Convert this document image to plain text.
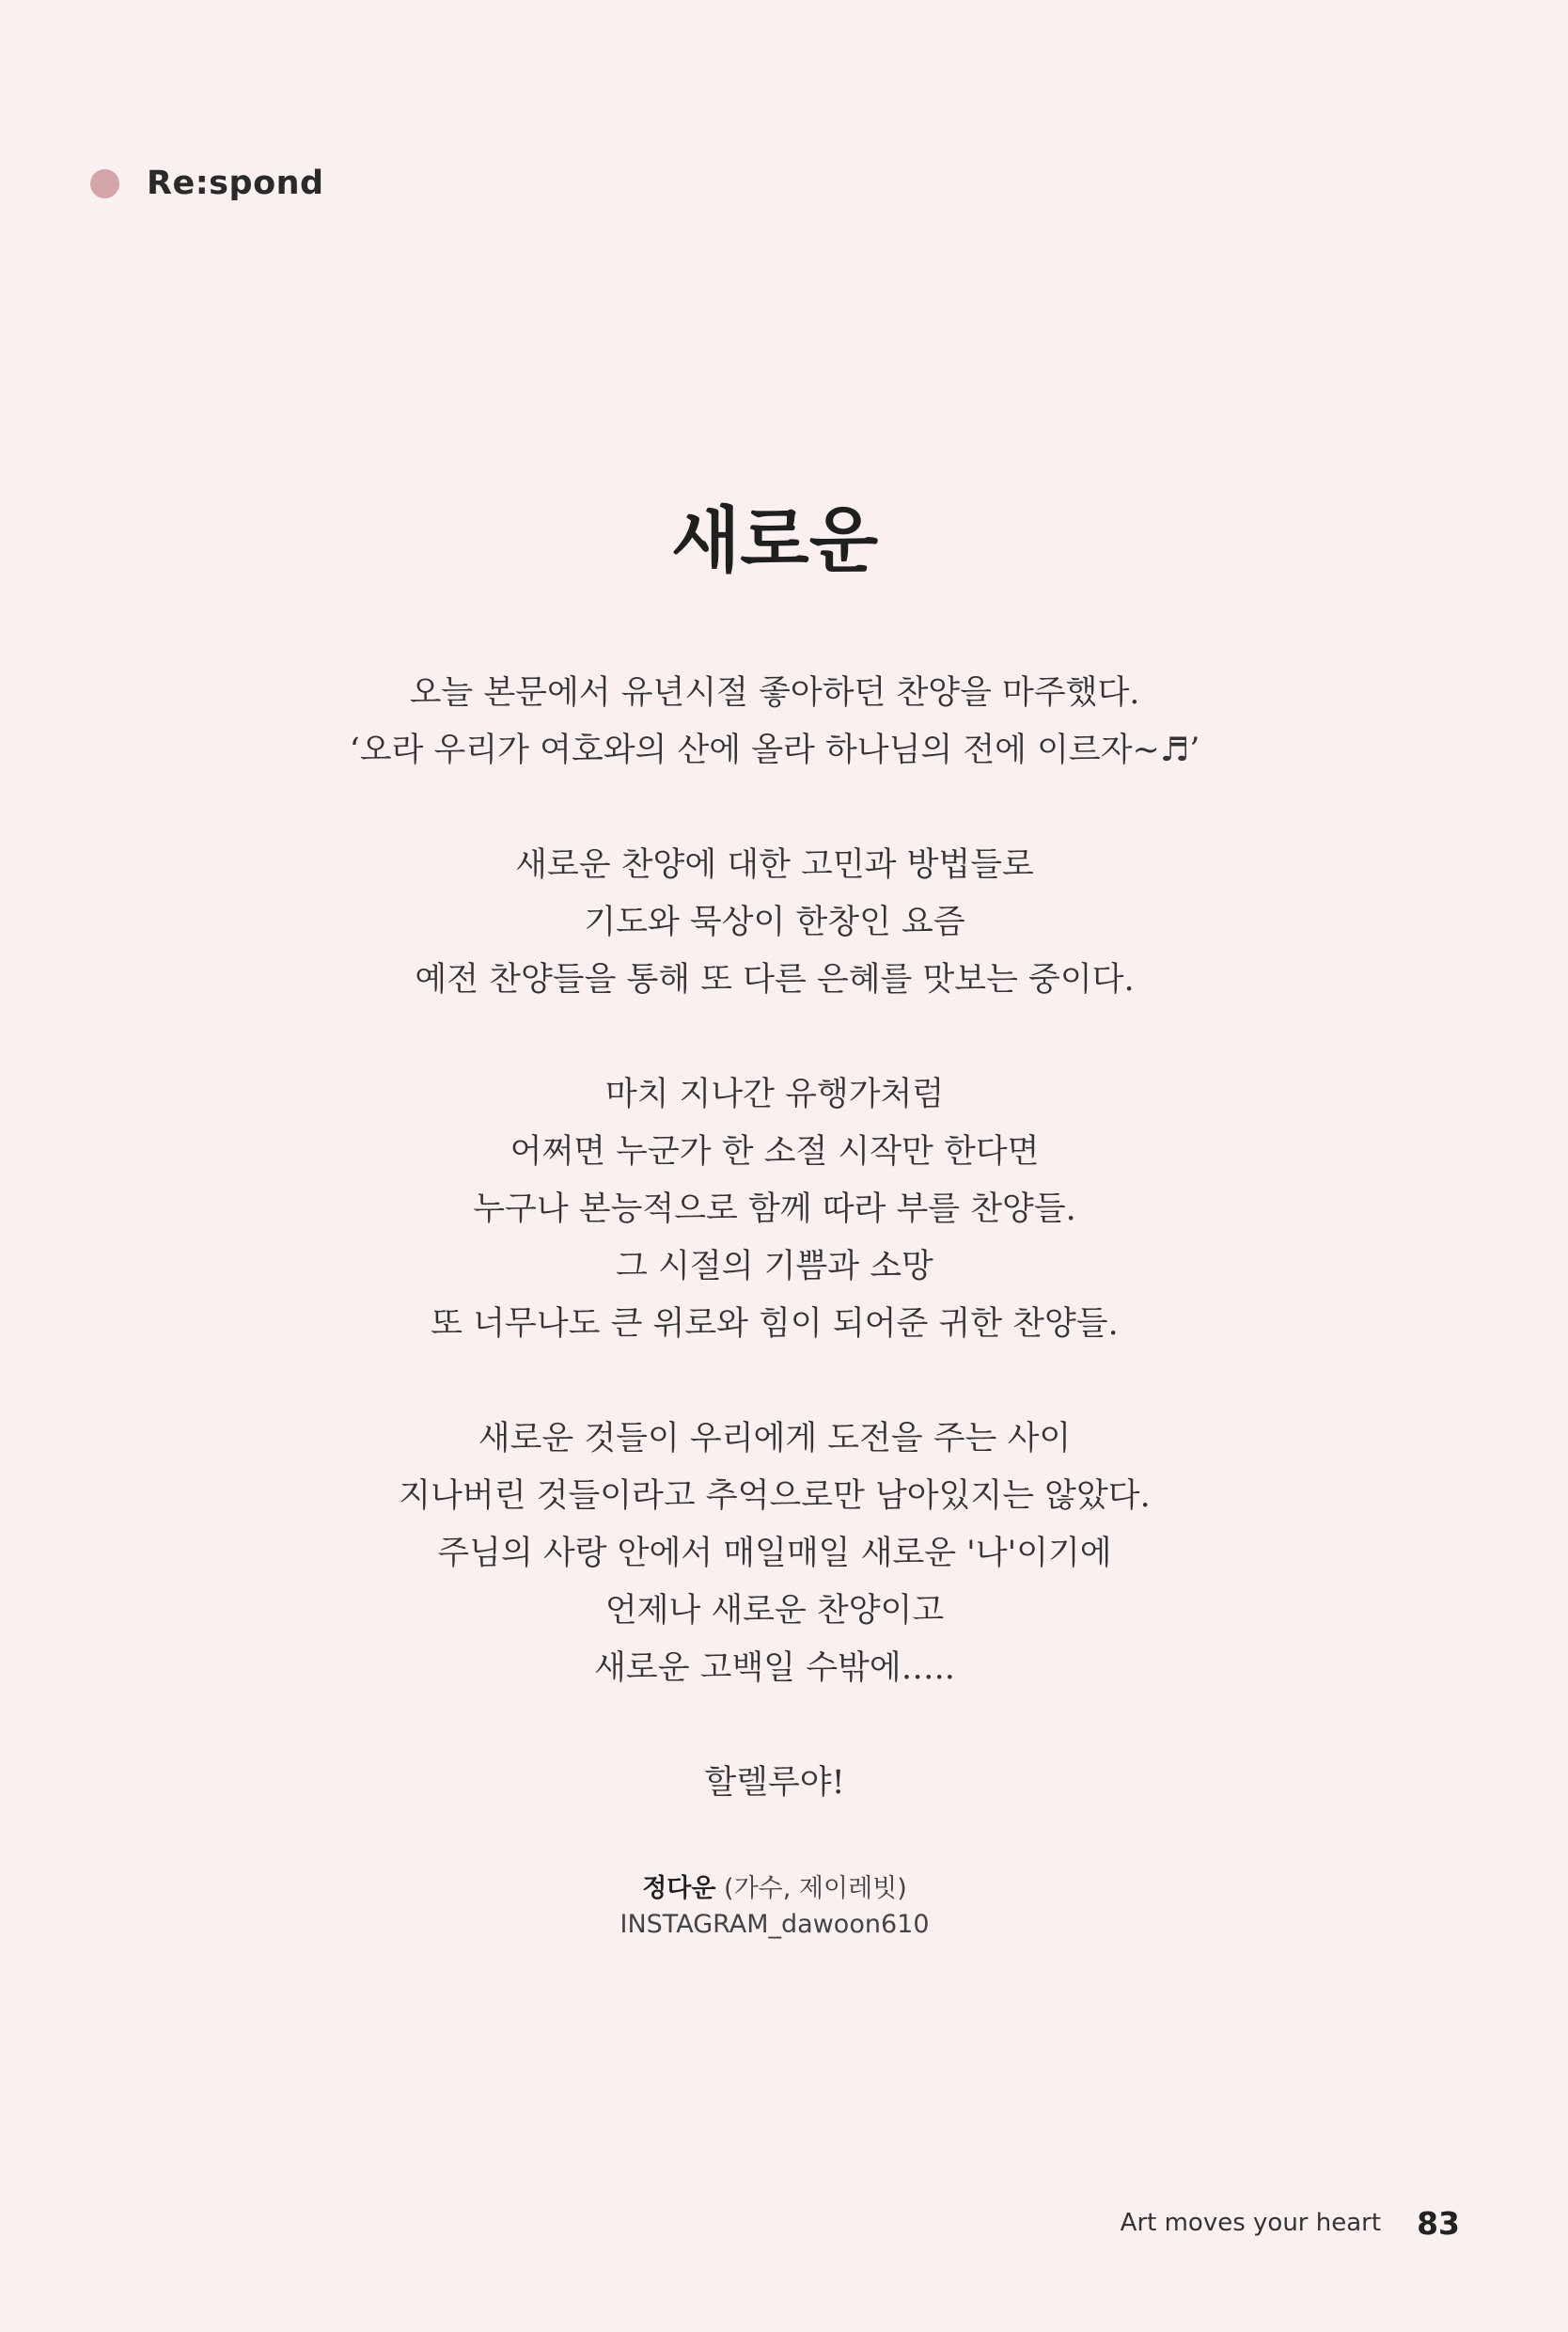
Re:spond
새로운
오늘 본문에서 유년시절 좋아하던 찬양을 마주했다.
‘오라 우리가 여호와의 산에 올라 하나님의 전에 이르자~♬’
새로운 찬양에 대한 고민과 방법들로
기도와 묵상이 한창인 요즘
예전 찬양들을 통해 또 다른 은혜를 맛보는 중이다.
마치 지나간 유행가처럼
어쩌면 누군가 한 소절 시작만 한다면
누구나 본능적으로 함께 따라 부를 찬양들.
그 시절의 기쁨과 소망
또 너무나도 큰 위로와 힘이 되어준 귀한 찬양들.
새로운 것들이 우리에게 도전을 주는 사이
지나버린 것들이라고 추억으로만 남아있지는 않았다.
주님의 사랑 안에서 매일매일 새로운 '나'이기에
언제나 새로운 찬양이고
새로운 고백일 수밖에…..
할렐루야!
정다운 (가수, 제이레빗)
INSTAGRAM_dawoon610
Art moves your heart 83
